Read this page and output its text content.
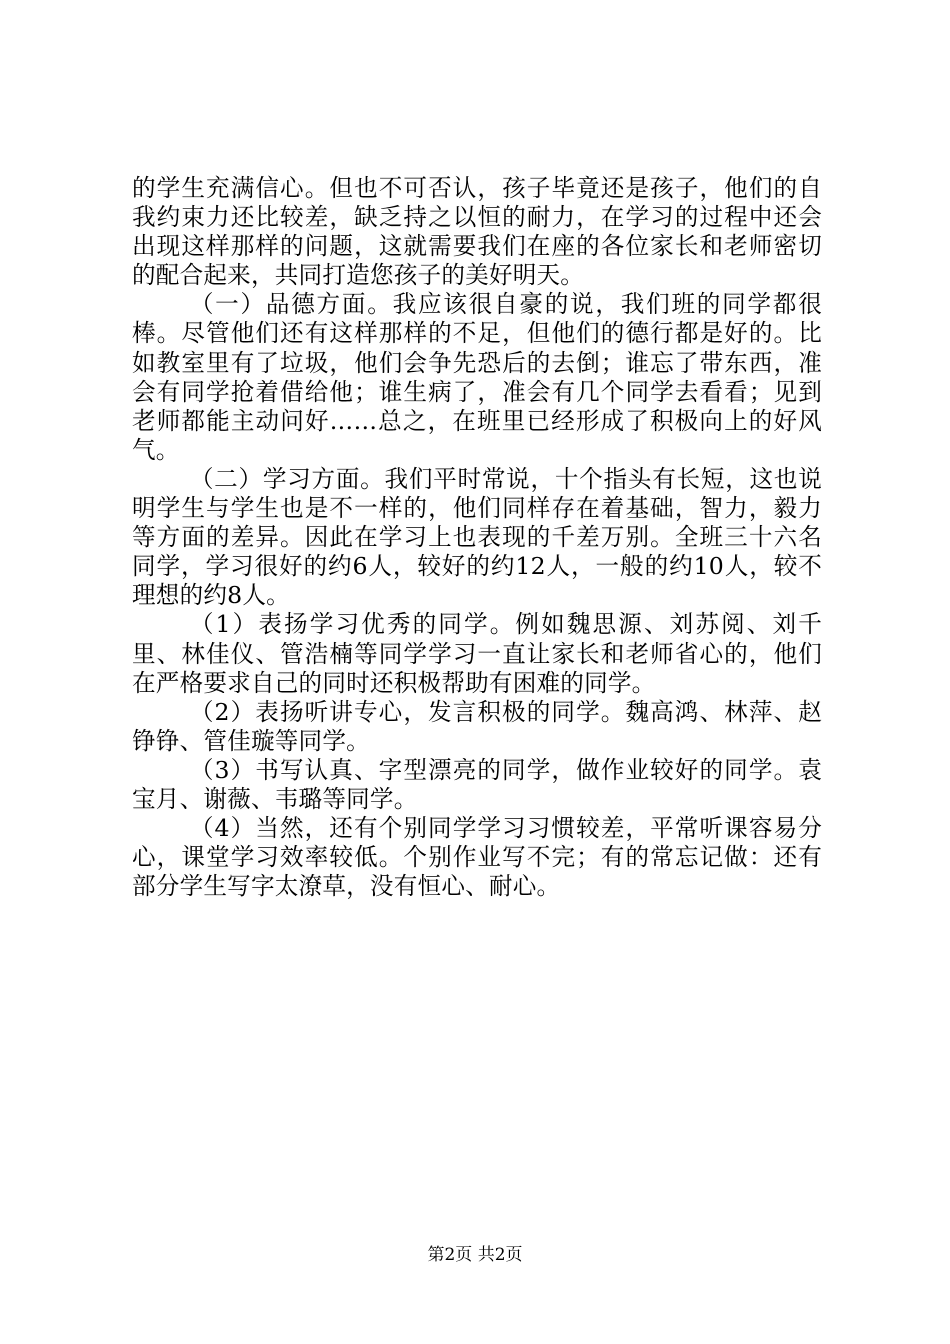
的学生充满信心。但也不可否认，孩子毕竟还是孩子，他们的自我约束力还比较差，缺乏持之以恒的耐力，在学习的过程中还会出现这样那样的问题，这就需要我们在座的各位家长和老师密切的配合起来，共同打造您孩子的美好明天。

（一）品德方面。我应该很自豪的说，我们班的同学都很棒。尽管他们还有这样那样的不足，但他们的德行都是好的。比如教室里有了垃圾，他们会争先恐后的去倒；谁忘了带东西，准会有同学抢着借给他；谁生病了，准会有几个同学去看看；见到老师都能主动问好……总之，在班里已经形成了积极向上的好风气。

（二）学习方面。我们平时常说，十个指头有长短，这也说明学生与学生也是不一样的，他们同样存在着基础，智力，毅力等方面的差异。因此在学习上也表现的千差万别。全班三十六名同学，学习很好的约6人，较好的约12人，一般的约10人，较不理想的约8人。

（1）表扬学习优秀的同学。例如魏思源、刘苏阅、刘千里、林佳仪、管浩楠等同学学习一直让家长和老师省心的，他们在严格要求自己的同时还积极帮助有困难的同学。

（2）表扬听讲专心，发言积极的同学。魏高鸿、林萍、赵铮铮、管佳璇等同学。

（3）书写认真、字型漂亮的同学，做作业较好的同学。袁宝月、谢薇、韦璐等同学。

（4）当然，还有个别同学学习习惯较差，平常听课容易分心，课堂学习效率较低。个别作业写不完；有的常忘记做：还有部分学生写字太潦草，没有恒心、耐心。

第2页 共2页
